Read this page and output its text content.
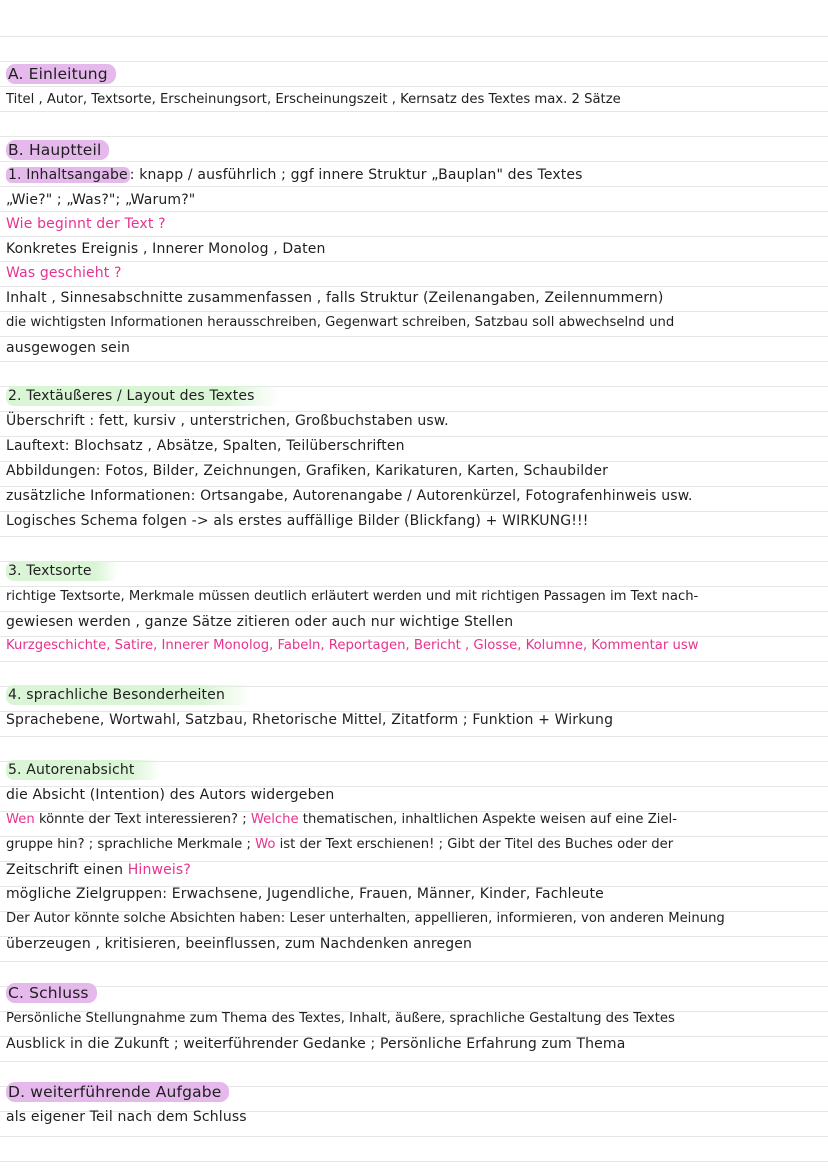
A. Einleitung
Titel , Autor, Textsorte, Erscheinungsort, Erscheinungszeit , Kernsatz des Textes max. 2 Sätze
B. Hauptteil
1. Inhaltsangabe : knapp / ausführlich ; ggf innere Struktur „Bauplan" des Textes
„Wie?" ; „Was?"; „Warum?"
Wie beginnt der Text ?
Konkretes Ereignis , Innerer Monolog , Daten
Was geschieht ?
Inhalt , Sinnesabschnitte zusammenfassen , falls Struktur (Zeilenangaben, Zeilennummern)
die wichtigsten Informationen herausschreiben, Gegenwart schreiben, Satzbau soll abwechselnd und
ausgewogen sein
2. Textäußeres / Layout des Textes
Überschrift : fett, kursiv , unterstrichen, Großbuchstaben usw.
Lauftext: Blochsatz , Absätze, Spalten, Teilüberschriften
Abbildungen: Fotos, Bilder, Zeichnungen, Grafiken, Karikaturen, Karten, Schaubilder
zusätzliche Informationen: Ortsangabe, Autorenangabe / Autorenkürzel, Fotografenhinweis usw.
Logisches Schema folgen -> als erstes auffällige Bilder (Blickfang) + WIRKUNG!!!
3. Textsorte
richtige Textsorte, Merkmale müssen deutlich erläutert werden und mit richtigen Passagen im Text nach-
gewiesen werden , ganze Sätze zitieren oder auch nur wichtige Stellen
Kurzgeschichte, Satire, Innerer Monolog, Fabeln, Reportagen, Bericht , Glosse, Kolumne, Kommentar usw
4. sprachliche Besonderheiten
Sprachebene, Wortwahl, Satzbau, Rhetorische Mittel, Zitatform ; Funktion + Wirkung
5. Autorenabsicht
die Absicht (Intention) des Autors widergeben
Wen könnte der Text interessieren? ; Welche thematischen, inhaltlichen Aspekte weisen auf eine Ziel-
gruppe hin? ; sprachliche Merkmale ; Wo ist der Text erschienen! ; Gibt der Titel des Buches oder der
Zeitschrift einen Hinweis?
mögliche Zielgruppen: Erwachsene, Jugendliche, Frauen, Männer, Kinder, Fachleute
Der Autor könnte solche Absichten haben: Leser unterhalten, appellieren, informieren, von anderen Meinung
überzeugen , kritisieren, beeinflussen, zum Nachdenken anregen
C. Schluss
Persönliche Stellungnahme zum Thema des Textes, Inhalt, äußere, sprachliche Gestaltung des Textes
Ausblick in die Zukunft ; weiterführender Gedanke ; Persönliche Erfahrung zum Thema
D. weiterführende Aufgabe
als eigener Teil nach dem Schluss
